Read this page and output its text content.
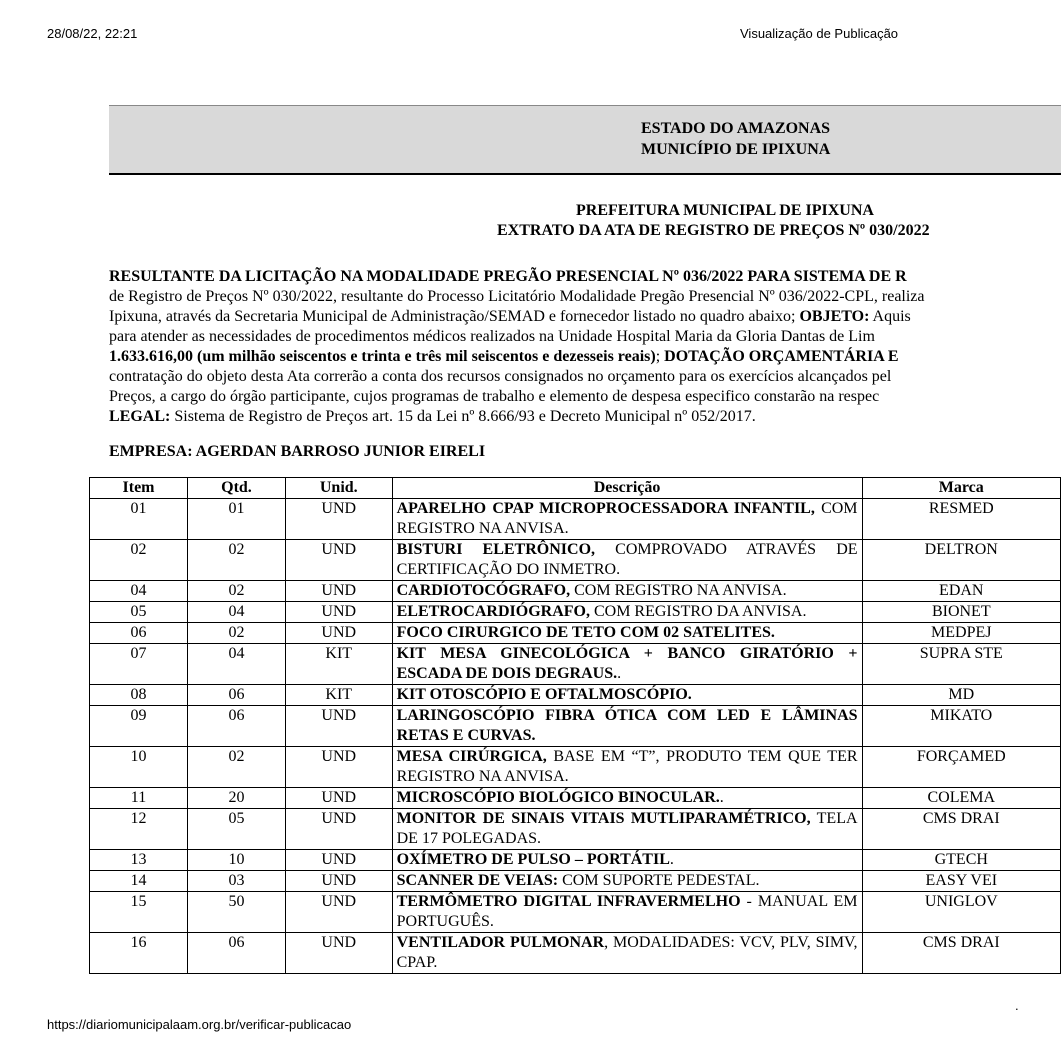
28/08/22, 22:21	Visualização de Publicação
ESTADO DO AMAZONAS
MUNICÍPIO DE IPIXUNA
PREFEITURA MUNICIPAL DE IPIXUNA
EXTRATO DA ATA DE REGISTRO DE PREÇOS Nº 030/2022
RESULTANTE DA LICITAÇÃO NA MODALIDADE PREGÃO PRESENCIAL Nº 036/2022 PARA SISTEMA DE R
de Registro de Preços Nº 030/2022, resultante do Processo Licitatório Modalidade Pregão Presencial Nº 036/2022-CPL, realiza
Ipixuna, através da Secretaria Municipal de Administração/SEMAD e fornecedor listado no quadro abaixo; OBJETO: Aquis
para atender as necessidades de procedimentos médicos realizados na Unidade Hospital Maria da Gloria Dantas de Lim
1.633.616,00 (um milhão seiscentos e trinta e três mil seiscentos e dezesseis reais); DOTAÇÃO ORÇAMENTÁRIA E
contratação do objeto desta Ata correrão a conta dos recursos consignados no orçamento para os exercícios alcançados pel
Preços, a cargo do órgão participante, cujos programas de trabalho e elemento de despesa especifico constarão na respec
LEGAL: Sistema de Registro de Preços art. 15 da Lei nº 8.666/93 e Decreto Municipal nº 052/2017.
EMPRESA: AGERDAN BARROSO JUNIOR EIRELI
Item	Qtd.	Unid.	Descrição	Marca
01	01	UND	APARELHO CPAP MICROPROCESSADORA INFANTIL, COM REGISTRO NA ANVISA.	RESMED
02	02	UND	BISTURI ELETRÔNICO, COMPROVADO ATRAVÉS DE CERTIFICAÇÃO DO INMETRO.	DELTRON
04	02	UND	CARDIOTOCÓGRAFO, COM REGISTRO NA ANVISA.	EDAN
05	04	UND	ELETROCARDIÓGRAFO, COM REGISTRO DA ANVISA.	BIONET
06	02	UND	FOCO CIRURGICO DE TETO COM 02 SATELITES.	MEDPEJ
07	04	KIT	KIT MESA GINECOLÓGICA + BANCO GIRATÓRIO + ESCADA DE DOIS DEGRAUS..	SUPRA STE
08	06	KIT	KIT OTOSCÓPIO E OFTALMOSCÓPIO.	MD
09	06	UND	LARINGOSCÓPIO FIBRA ÓTICA COM LED E LÂMINAS RETAS E CURVAS.	MIKATO
10	02	UND	MESA CIRÚRGICA, BASE EM “T”, PRODUTO TEM QUE TER REGISTRO NA ANVISA.	FORÇAMED
11	20	UND	MICROSCÓPIO BIOLÓGICO BINOCULAR..	COLEMA
12	05	UND	MONITOR DE SINAIS VITAIS MUTLIPARAMÉTRICO, TELA DE 17 POLEGADAS.	CMS DRAI
13	10	UND	OXÍMETRO DE PULSO – PORTÁTIL.	GTECH
14	03	UND	SCANNER DE VEIAS: COM SUPORTE PEDESTAL.	EASY VEI
15	50	UND	TERMÔMETRO DIGITAL INFRAVERMELHO - MANUAL EM PORTUGUÊS.	UNIGLOV
16	06	UND	VENTILADOR PULMONAR, MODALIDADES: VCV, PLV, SIMV, CPAP.	CMS DRAI
https://diariomunicipalaam.org.br/verificar-publicacao
.
